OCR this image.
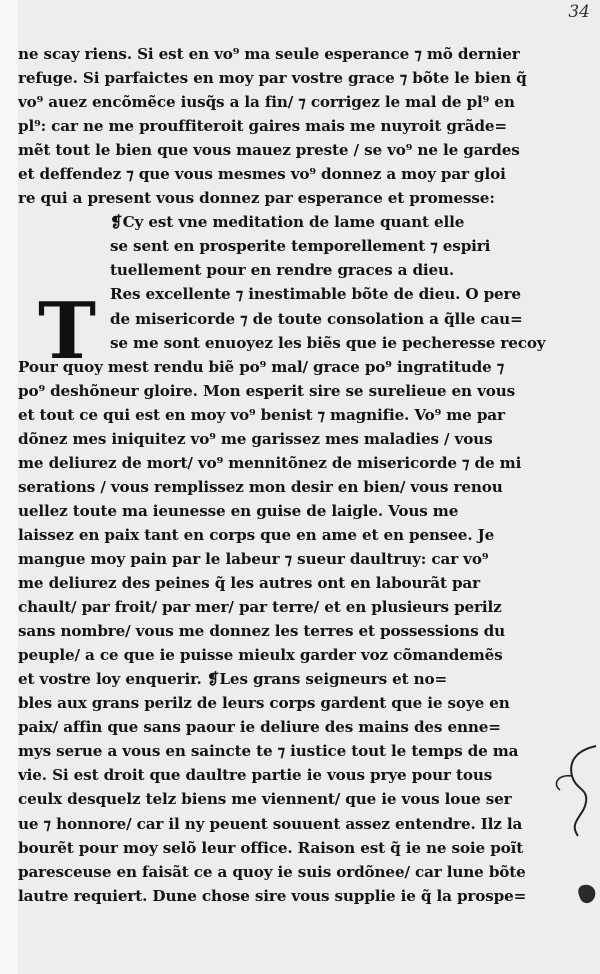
34
T
ne scay riens. Si est en vo⁹ ma seule esperance ⁊ mõ dernier
refuge. Si parfaictes en moy par vostre grace ⁊ bõte le bien q̃
vo⁹ auez encõmẽce iusq̃s a la fin/ ⁊ corrigez le mal de pl⁹ en
pl⁹: car ne me prouffiteroit gaires mais me nuyroit grãde=
mẽt tout le bien que vous mauez preste / se vo⁹ ne le gardes
et deffendez ⁊ que vous mesmes vo⁹ donnez a moy par gloi
re qui a present vous donnez par esperance et promesse:
❡Cy est vne meditation de lame quant elle
se sent en prosperite temporellement ⁊ espiri
tuellement pour en rendre graces a dieu.
Res excellente ⁊ inestimable bõte de dieu. O pere
de misericorde ⁊ de toute consolation a q̃lle cau=
se me sont enuoyez les biẽs que ie pecheresse recoy
Pour quoy mest rendu biẽ po⁹ mal/ grace po⁹ ingratitude ⁊
po⁹ deshõneur gloire. Mon esperit sire se surelieue en vous
et tout ce qui est en moy vo⁹ benist ⁊ magnifie. Vo⁹ me par
dõnez mes iniquitez vo⁹ me garissez mes maladies / vous
me deliurez de mort/ vo⁹ mennitõnez de misericorde ⁊ de mi
serations / vous remplissez mon desir en bien/ vous renou
uellez toute ma ieunesse en guise de laigle. Vous me
laissez en paix tant en corps que en ame et en pensee. Je
mangue moy pain par le labeur ⁊ sueur daultruy: car vo⁹
me deliurez des peines q̃ les autres ont en labourãt par
chault/ par froit/ par mer/ par terre/ et en plusieurs perilz
sans nombre/ vous me donnez les terres et possessions du
peuple/ a ce que ie puisse mieulx garder voz cõmandemẽs
et vostre loy enquerir. ❡Les grans seigneurs et no=
bles aux grans perilz de leurs corps gardent que ie soye en
paix/ affin que sans paour ie deliure des mains des enne=
mys serue a vous en saincte te ⁊ iustice tout le temps de ma
vie. Si est droit que daultre partie ie vous prye pour tous
ceulx desquelz telz biens me viennent/ que ie vous loue ser
ue ⁊ honnore/ car il ny peuent souuent assez entendre. Ilz la
bourẽt pour moy selõ leur office. Raison est q̃ ie ne soie poĩt
paresceuse en faisãt ce a quoy ie suis ordõnee/ car lune bõte
lautre requiert. Dune chose sire vous supplie ie q̃ la prospe=
